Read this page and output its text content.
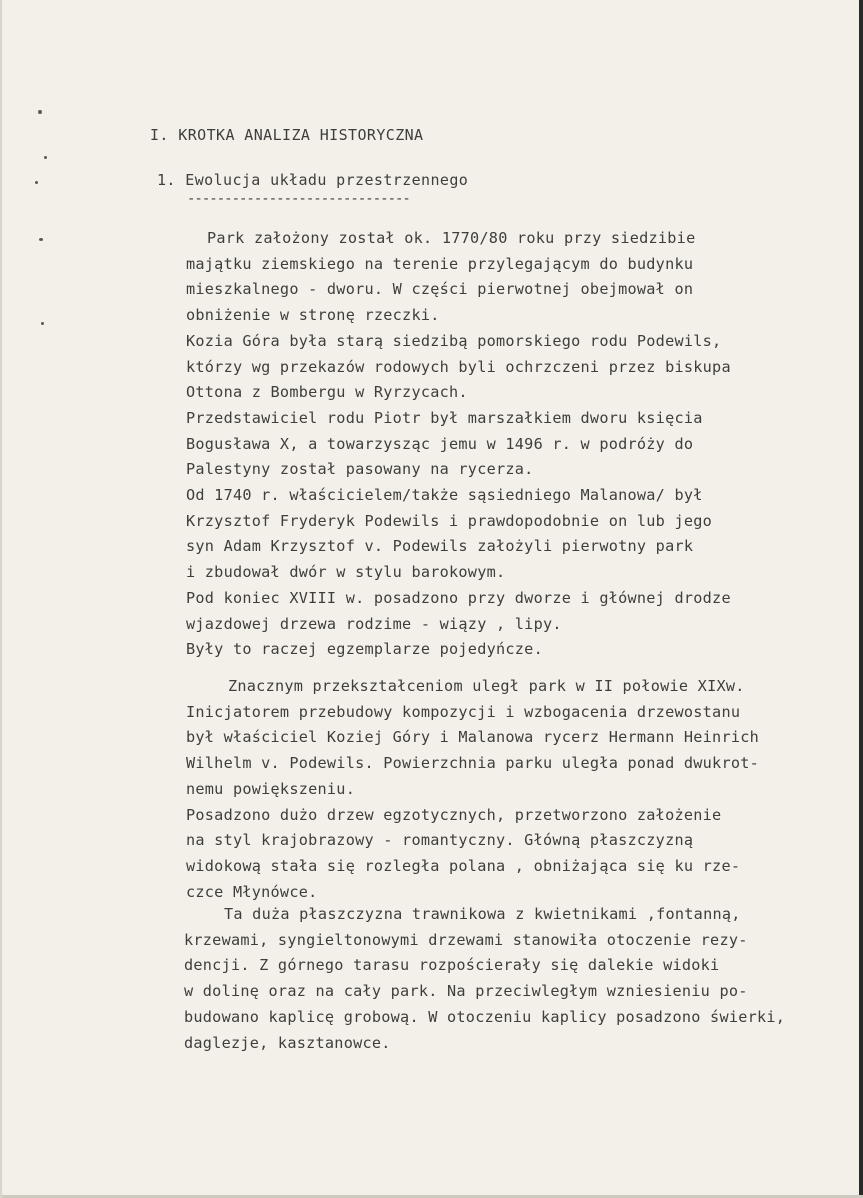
I. KROTKA ANALIZA HISTORYCZNA
1. Ewolucja układu przestrzennego
------------------------------
Park założony został ok. 1770/80 roku przy siedzibie
majątku ziemskiego na terenie przylegającym do budynku
mieszkalnego - dworu. W części pierwotnej obejmował on
obniżenie w stronę rzeczki.
Kozia Góra była starą siedzibą pomorskiego rodu Podewils,
którzy wg przekazów rodowych byli ochrzczeni przez biskupa
Ottona z Bombergu w Ryrzycach.
Przedstawiciel rodu Piotr był marszałkiem dworu księcia
Bogusława X, a towarzysząc jemu w 1496 r. w podróży do
Palestyny został pasowany na rycerza.
Od 1740 r. właścicielem/także sąsiedniego Malanowa/ był
Krzysztof Fryderyk Podewils i prawdopodobnie on lub jego
syn Adam Krzysztof v. Podewils założyli pierwotny park
i zbudował dwór w stylu barokowym.
Pod koniec XVIII w. posadzono przy dworze i głównej drodze
wjazdowej drzewa rodzime - wiązy , lipy.
Były to raczej egzemplarze pojedyńcze.
Znacznym przekształceniom uległ park w II połowie XIXw.
Inicjatorem przebudowy kompozycji i wzbogacenia drzewostanu
był właściciel Koziej Góry i Malanowa rycerz Hermann Heinrich
Wilhelm v. Podewils. Powierzchnia parku uległa ponad dwukrot-
nemu powiększeniu.
Posadzono dużo drzew egzotycznych, przetworzono założenie
na styl krajobrazowy - romantyczny. Główną płaszczyzną
widokową stała się rozległa polana , obniżająca się ku rze-
czce Młynówce.
Ta duża płaszczyzna trawnikowa z kwietnikami ,fontanną,
krzewami, syngieltonowymi drzewami stanowiła otoczenie rezy-
dencji. Z górnego tarasu rozpościerały się dalekie widoki
w dolinę oraz na cały park. Na przeciwległym wzniesieniu po-
budowano kaplicę grobową. W otoczeniu kaplicy posadzono świerki,
daglezje, kasztanowce.
